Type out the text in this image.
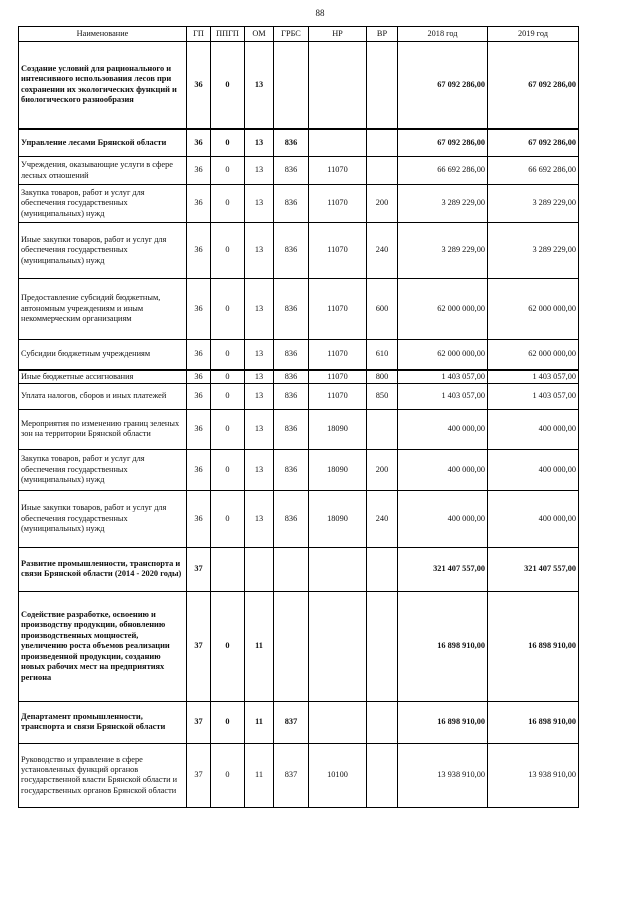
88
Наименование	ГП	ППГП	ОМ	ГРБС	НР	ВР	2018 год	2019 год
Создание условий для рационального и интенсивного использования лесов при сохранении их экологических функций и биологического разнообразия	36	0	13				67 092 286,00	67 092 286,00
Управление лесами Брянской области	36	0	13	836			67 092 286,00	67 092 286,00
Учреждения, оказывающие услуги в сфере лесных отношений	36	0	13	836	11070		66 692 286,00	66 692 286,00
Закупка товаров, работ и услуг для обеспечения государственных (муниципальных) нужд	36	0	13	836	11070	200	3 289 229,00	3 289 229,00
Иные закупки товаров, работ и услуг для обеспечения государственных (муниципальных) нужд	36	0	13	836	11070	240	3 289 229,00	3 289 229,00
Предоставление субсидий бюджетным, автономным учреждениям и иным некоммерческим организациям	36	0	13	836	11070	600	62 000 000,00	62 000 000,00
Субсидии бюджетным учреждениям	36	0	13	836	11070	610	62 000 000,00	62 000 000,00
Иные бюджетные ассигнования	36	0	13	836	11070	800	1 403 057,00	1 403 057,00
Уплата налогов, сборов и иных платежей	36	0	13	836	11070	850	1 403 057,00	1 403 057,00
Мероприятия по изменению границ зеленых зон на территории Брянской области	36	0	13	836	18090		400 000,00	400 000,00
Закупка товаров, работ и услуг для обеспечения государственных (муниципальных) нужд	36	0	13	836	18090	200	400 000,00	400 000,00
Иные закупки товаров, работ и услуг для обеспечения государственных (муниципальных) нужд	36	0	13	836	18090	240	400 000,00	400 000,00
Развитие промышленности, транспорта и связи Брянской области (2014 - 2020 годы)	37						321 407 557,00	321 407 557,00
Содействие разработке, освоению и производству продукции, обновлению производственных мощностей, увеличению роста объемов реализации произведенной продукции, созданию новых рабочих мест на предприятиях региона	37	0	11				16 898 910,00	16 898 910,00
Департамент промышленности, транспорта и связи Брянской области	37	0	11	837			16 898 910,00	16 898 910,00
Руководство и управление в сфере установленных функций органов государственной власти Брянской области и государственных органов Брянской области	37	0	11	837	10100		13 938 910,00	13 938 910,00
